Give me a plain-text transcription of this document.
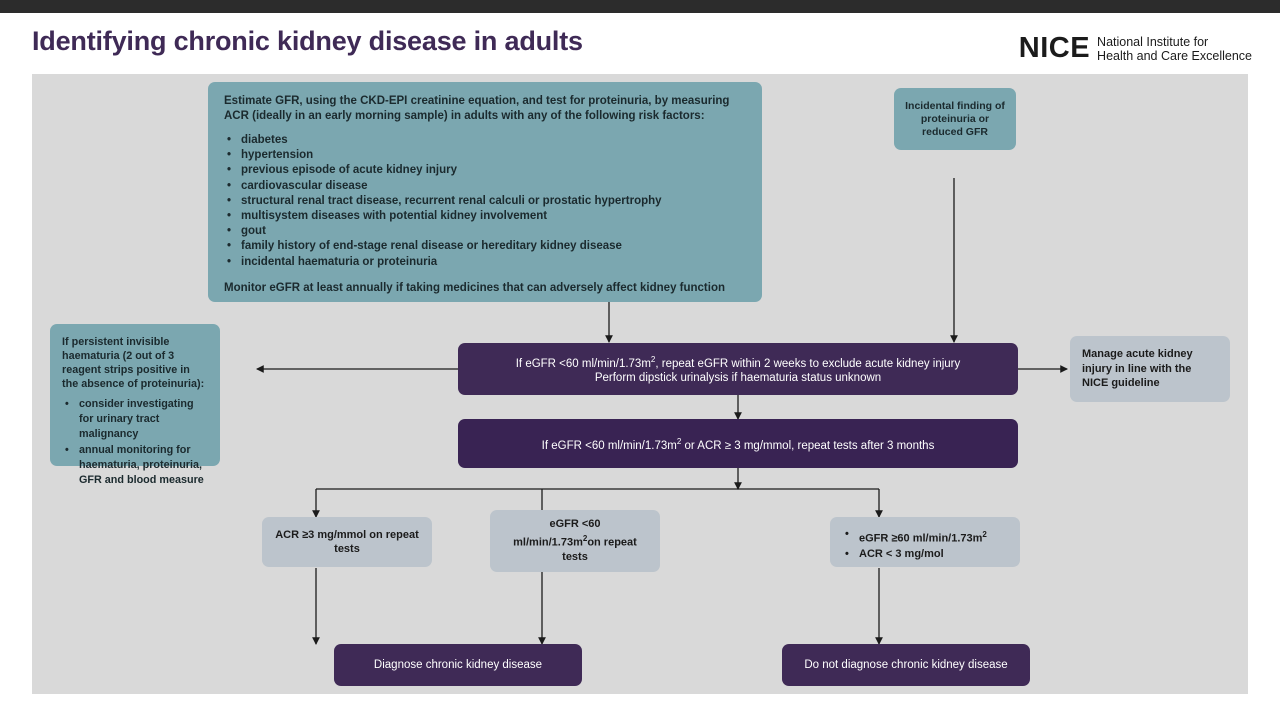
Identifying chronic kidney disease in adults	NICE National Institute for
Health and Care Excellence
Estimate GFR, using the CKD-EPI creatinine equation, and test for proteinuria, by measuring ACR (ideally in an early morning sample) in adults with any of the following risk factors:
• diabetes
• hypertension
• previous episode of acute kidney injury
• cardiovascular disease
• structural renal tract disease, recurrent renal calculi or prostatic hypertrophy
• multisystem diseases with potential kidney involvement
• gout
• family history of end-stage renal disease or hereditary kidney disease
• incidental haematuria or proteinuria
Monitor eGFR at least annually if taking medicines that can adversely affect kidney function
Incidental finding of proteinuria or reduced GFR
If persistent invisible haematuria (2 out of 3 reagent strips positive in the absence of proteinuria):
• consider investigating for urinary tract malignancy
• annual monitoring for haematuria, proteinuria, GFR and blood measure
Manage acute kidney injury in line with the NICE guideline
If eGFR <60 $ml/\min/1.73m^2$, repeat eGFR within 2 weeks to exclude acute kidney injury
Perform dipstick urinalysis if haematuria status unknown
If eGFR <60 $ml/\min/1.73m^2$ or ACR ≥ 3 mg/mmol, repeat tests after 3 months
ACR ≥3 mg/mmol on repeat tests
eGFR <60
$ml/\min/1.73m^2on$ repeat
tests
• eGFR ≥60 $ml/\min/1.73m^2$
• ACR < 3 mg/mol
Diagnose chronic kidney disease	Do not diagnose chronic kidney disease
